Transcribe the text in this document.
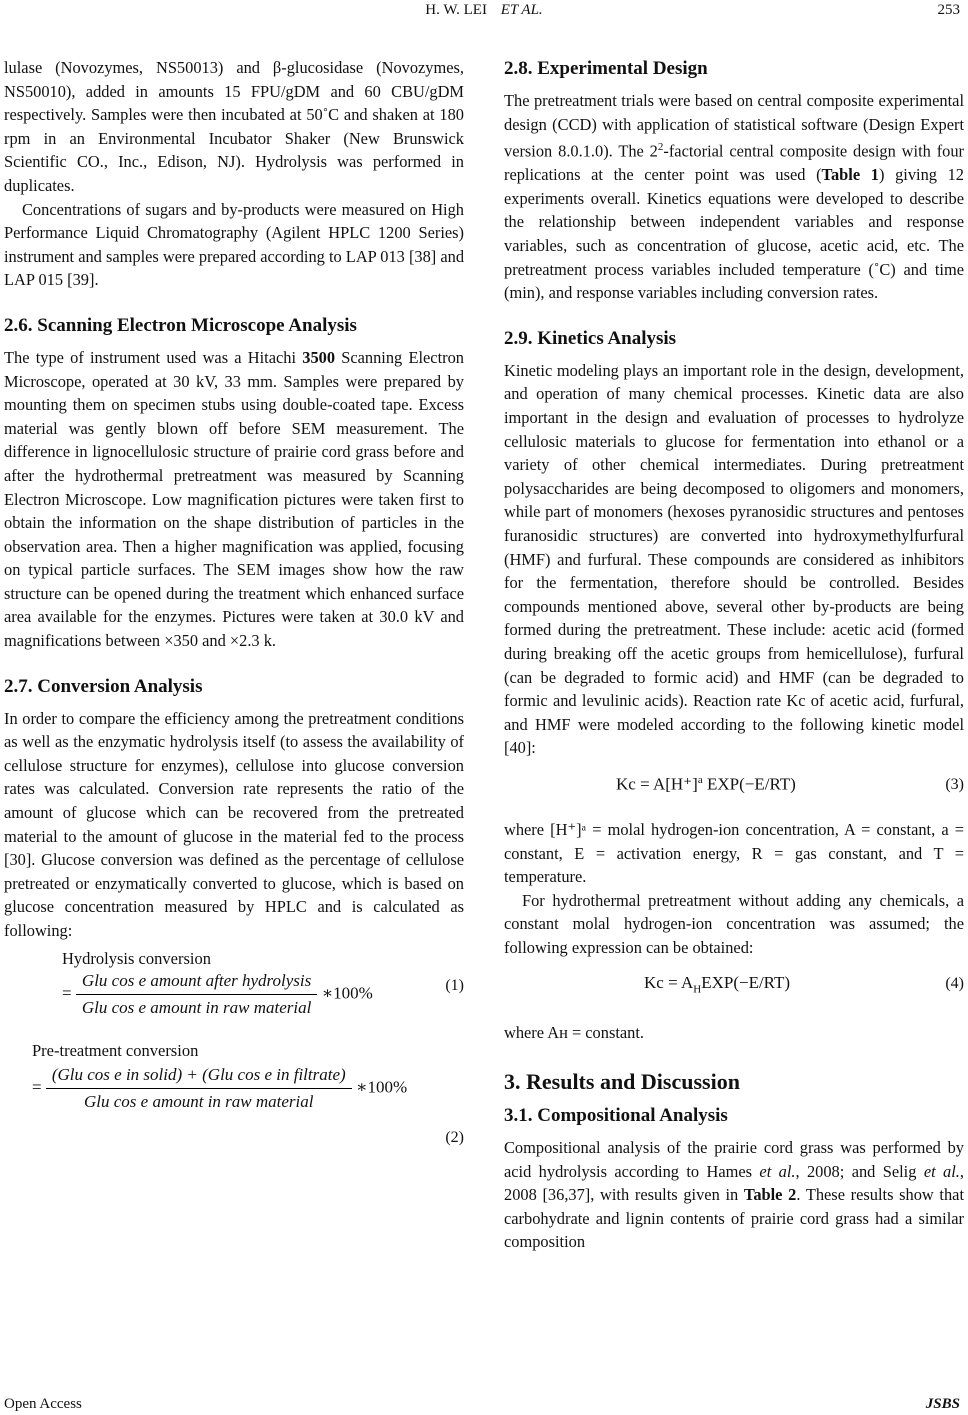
H. W. LEI ET AL.	253

lulase (Novozymes, NS50013) and β-glucosidase (Novozymes, NS50010), added in amounts 15 FPU/gDM and 60 CBU/gDM respectively. Samples were then incubated at 50˚C and shaken at 180 rpm in an Environmental Incubator Shaker (New Brunswick Scientific CO., Inc., Edison, NJ). Hydrolysis was performed in duplicates.

Concentrations of sugars and by-products were measured on High Performance Liquid Chromatography (Agilent HPLC 1200 Series) instrument and samples were prepared according to LAP 013 [38] and LAP 015 [39].

2.6. Scanning Electron Microscope Analysis

The type of instrument used was a Hitachi 3500 Scanning Electron Microscope, operated at 30 kV, 33 mm. Samples were prepared by mounting them on specimen stubs using double-coated tape. Excess material was gently blown off before SEM measurement. The difference in lignocellulosic structure of prairie cord grass before and after the hydrothermal pretreatment was measured by Scanning Electron Microscope. Low magnification pictures were taken first to obtain the information on the shape distribution of particles in the observation area. Then a higher magnification was applied, focusing on typical particle surfaces. The SEM images show how the raw structure can be opened during the treatment which enhanced surface area available for the enzymes. Pictures were taken at 30.0 kV and magnifications between ×350 and ×2.3 k.

2.7. Conversion Analysis

In order to compare the efficiency among the pretreatment conditions as well as the enzymatic hydrolysis itself (to assess the availability of cellulose structure for enzymes), cellulose into glucose conversion rates was calculated. Conversion rate represents the ratio of the amount of glucose which can be recovered from the pretreated material to the amount of glucose in the material fed to the process [30]. Glucose conversion was defined as the percentage of cellulose pretreated or enzymatically converted to glucose, which is based on glucose concentration measured by HPLC and is calculated as following:

Hydrolysis conversion
= $\frac{\text{Glu cos e amount after hydrolysis}}{\text{Glu cos e amount in raw material}}$ ∗100%	(1)
Pre-treatment conversion
= $\frac{\text{(Glu cos e in solid) + (Glu cos e in filtrate)}}{\text{Glu cos e amount in raw material}}$ ∗100%
(2)
2.8. Experimental Design

The pretreatment trials were based on central composite experimental design (CCD) with application of statistical software (Design Expert version 8.0.1.0). The $2^2$-factorial central composite design with four replications at the center point was used (Table 1) giving 12 experiments overall. Kinetics equations were developed to describe the relationship between independent variables and response variables, such as concentration of glucose, acetic acid, etc. The pretreatment process variables included temperature (˚C) and time (min), and response variables including conversion rates.

2.9. Kinetics Analysis

Kinetic modeling plays an important role in the design, development, and operation of many chemical processes. Kinetic data are also important in the design and evaluation of processes to hydrolyze cellulosic materials to glucose for fermentation into ethanol or a variety of other chemical intermediates. During pretreatment polysaccharides are being decomposed to oligomers and monomers, while part of monomers (hexoses pyranosidic structures and pentoses furanosidic structures) are converted into hydroxymethylfurfural (HMF) and furfural. These compounds are considered as inhibitors for the fermentation, therefore should be controlled. Besides compounds mentioned above, several other by-products are being formed during the pretreatment. These include: acetic acid (formed during breaking off the acetic groups from hemicellulose), furfural (can be degraded to formic acid) and HMF (can be degraded to formic and levulinic acids). Reaction rate Kc of acetic acid, furfural, and HMF were modeled according to the following kinetic model [40]:

$Kc = A[H^+]^a$ EXP(−E/RT)	(3)

where [H⁺]ᵃ = molal hydrogen-ion concentration, A = constant, a = constant, E = activation energy, R = gas constant, and T = temperature.

For hydrothermal pretreatment without adding any chemicals, a constant molal hydrogen-ion concentration was assumed; the following expression can be obtained:

$Kc = A_HEXP(-E/RT)$	(4)

where Aʜ = constant.

3. Results and Discussion
3.1. Compositional Analysis

Compositional analysis of the prairie cord grass was performed by acid hydrolysis according to Hames et al., 2008; and Selig et al., 2008 [36,37], with results given in Table 2. These results show that carbohydrate and lignin contents of prairie cord grass had a similar composition

Open Access	JSBS
